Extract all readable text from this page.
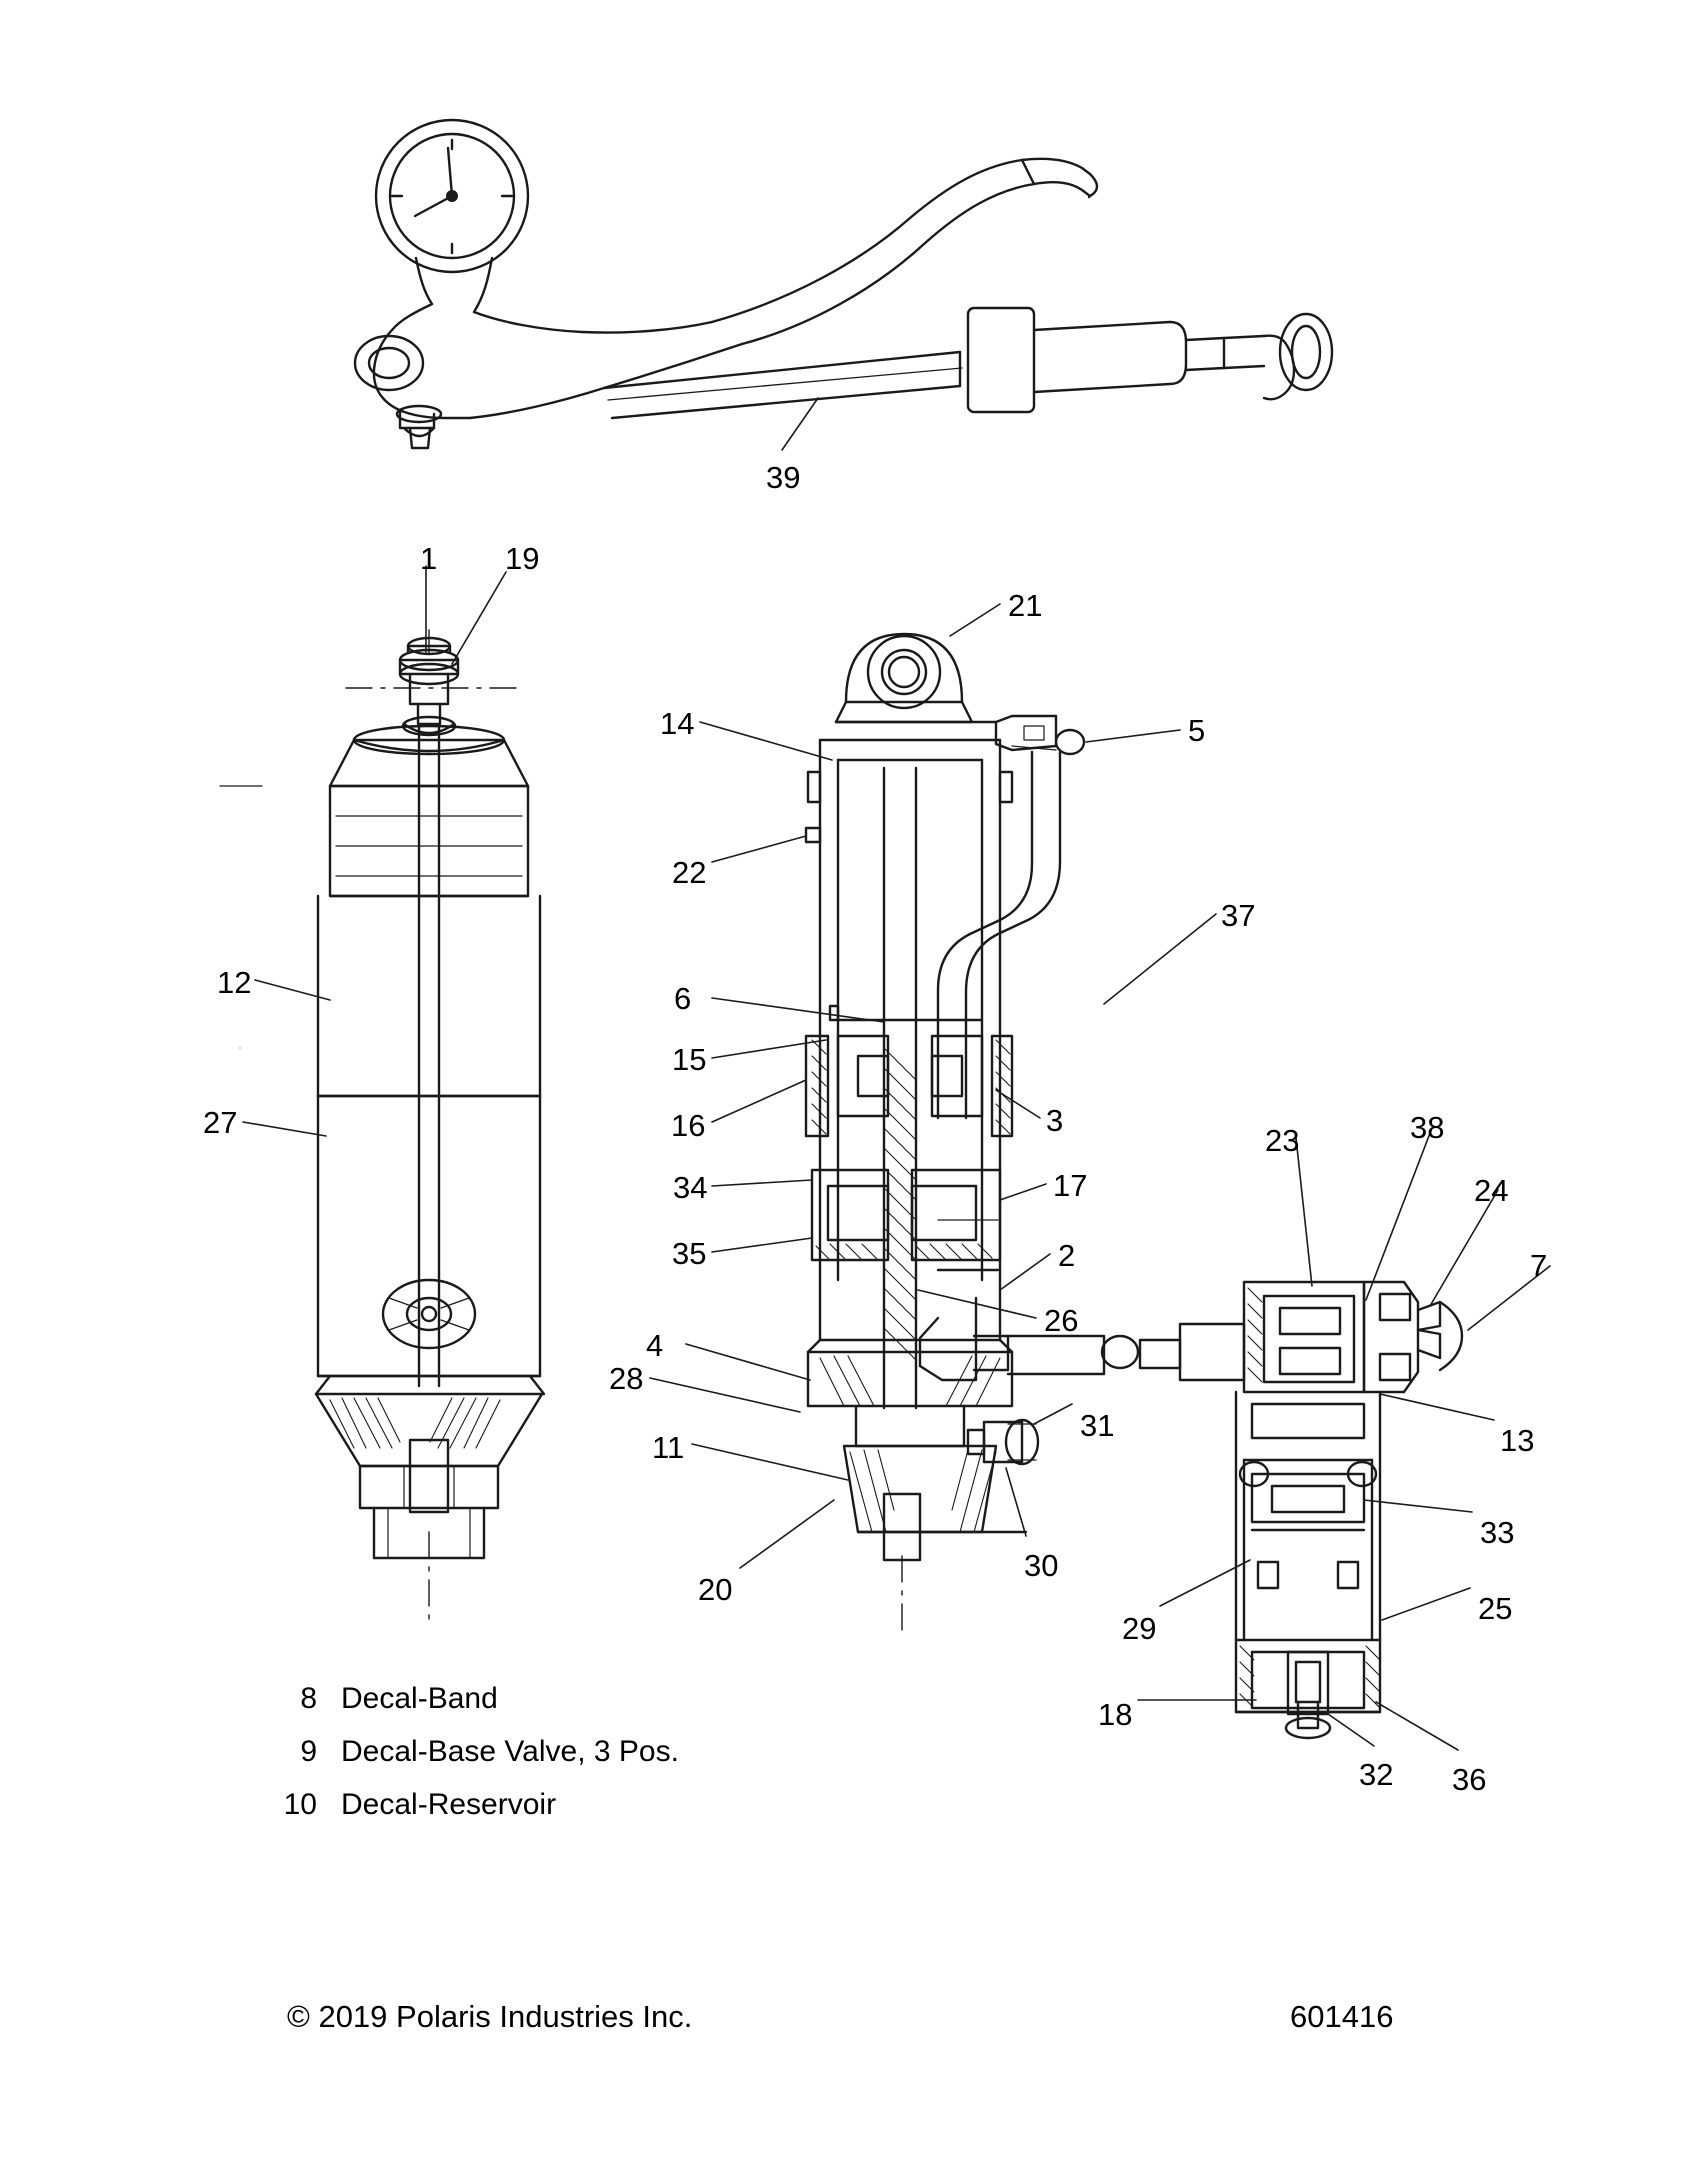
39
1 19
21
14	5
22
37
12	6
15
27	16	3
23	38
34	17	24
35	2	7
26
4
28
13
31
11
33
30
20
25
29
18
32 36
8 Decal-Band
9 Decal-Base Valve, 3 Pos.
10 Decal-Reservoir
© 2019 Polaris Industries Inc.	601416
